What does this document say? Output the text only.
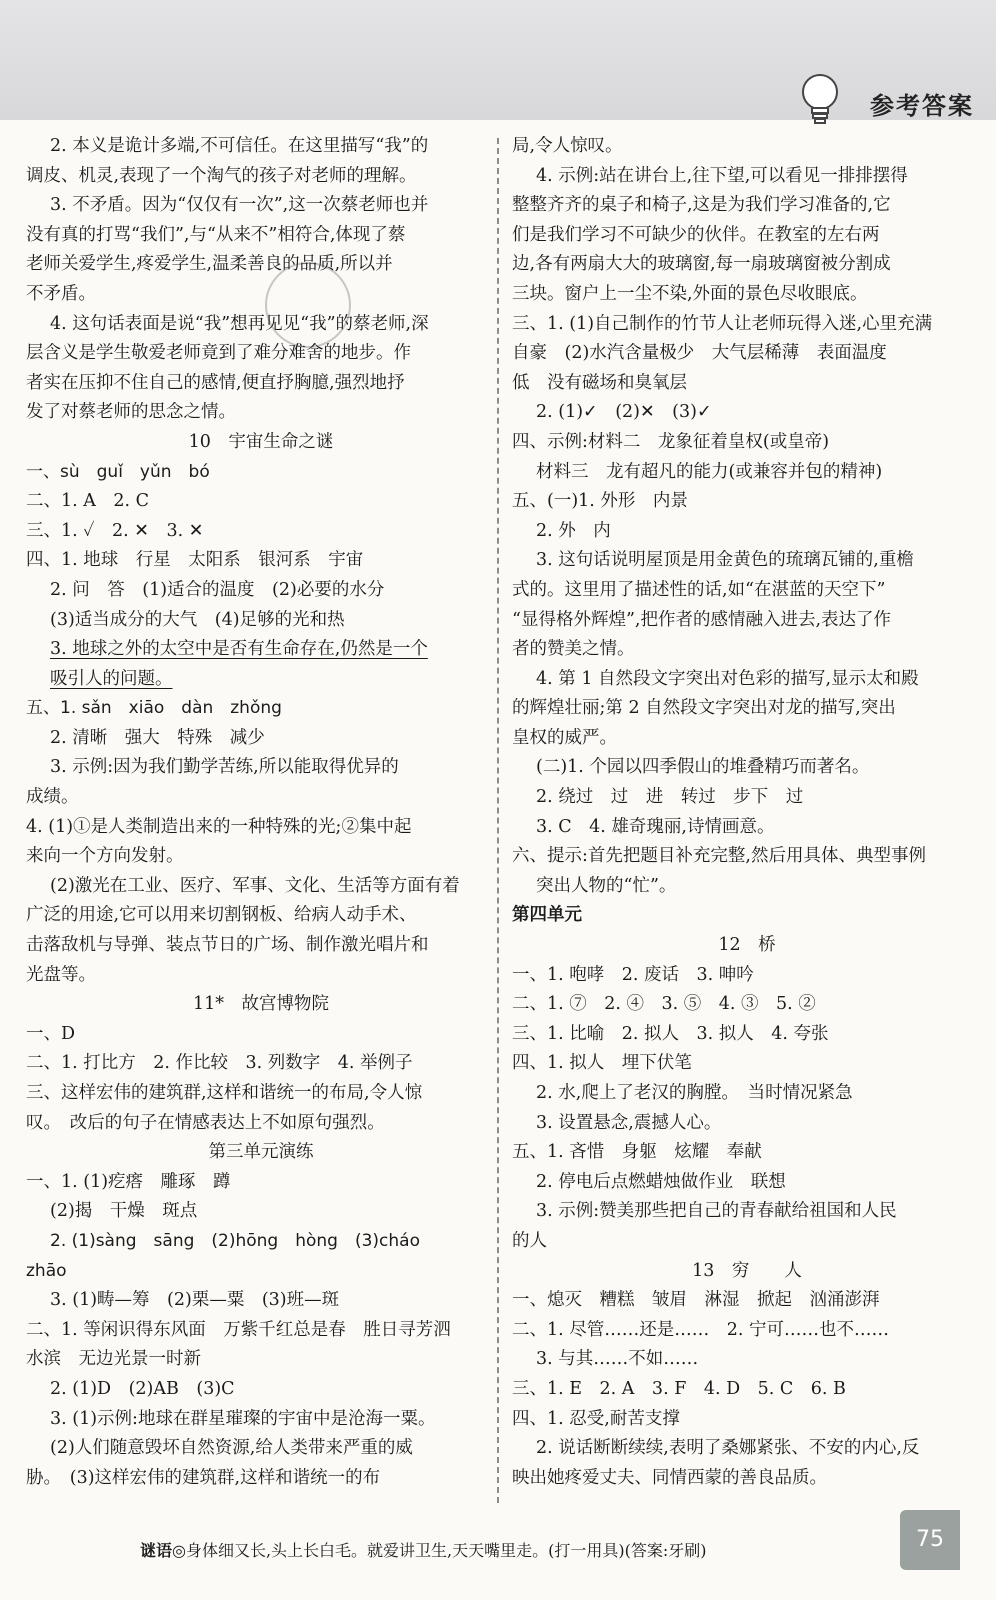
参考答案
2. 本义是诡计多端,不可信任。在这里描写“我”的
调皮、机灵,表现了一个淘气的孩子对老师的理解。
3. 不矛盾。因为“仅仅有一次”,这一次蔡老师也并
没有真的打骂“我们”,与“从来不”相符合,体现了蔡
老师关爱学生,疼爱学生,温柔善良的品质,所以并
不矛盾。
4. 这句话表面是说“我”想再见见“我”的蔡老师,深
层含义是学生敬爱老师竟到了难分难舍的地步。作
者实在压抑不住自己的感情,便直抒胸臆,强烈地抒
发了对蔡老师的思念之情。
10　宇宙生命之谜
一、sù　guǐ　yǔn　bó
二、1. A　2. C
三、1. ✓　2. ✕　3. ✕
四、1. 地球　行星　太阳系　银河系　宇宙
2. 问　答　(1)适合的温度　(2)必要的水分
(3)适当成分的大气　(4)足够的光和热
3. 地球之外的太空中是否有生命存在,仍然是一个
吸引人的问题。
五、1. sǎn　xiāo　dàn　zhǒng
2. 清晰　强大　特殊　减少
3. 示例:因为我们勤学苦练,所以能取得优异的
成绩。
4. (1)①是人类制造出来的一种特殊的光;②集中起
来向一个方向发射。
(2)激光在工业、医疗、军事、文化、生活等方面有着
广泛的用途,它可以用来切割钢板、给病人动手术、
击落敌机与导弹、装点节日的广场、制作激光唱片和
光盘等。
11*　故宫博物院
一、D
二、1. 打比方　2. 作比较　3. 列数字　4. 举例子
三、这样宏伟的建筑群,这样和谐统一的布局,令人惊
叹。　改后的句子在情感表达上不如原句强烈。
第三单元演练
一、1. (1)疙瘩　雕琢　蹲
(2)揭　干燥　斑点
2. (1)sàng　sāng　(2)hōng　hòng　(3)cháo
zhāo
3. (1)畴—筹　(2)栗—粟　(3)班—斑
二、1. 等闲识得东风面　万紫千红总是春　胜日寻芳泗
水滨　无边光景一时新
2. (1)D　(2)AB　(3)C
3. (1)示例:地球在群星璀璨的宇宙中是沧海一粟。
(2)人们随意毁坏自然资源,给人类带来严重的威
胁。　(3)这样宏伟的建筑群,这样和谐统一的布
局,令人惊叹。
4. 示例:站在讲台上,往下望,可以看见一排排摆得
整整齐齐的桌子和椅子,这是为我们学习准备的,它
们是我们学习不可缺少的伙伴。在教室的左右两
边,各有两扇大大的玻璃窗,每一扇玻璃窗被分割成
三块。窗户上一尘不染,外面的景色尽收眼底。
三、1. (1)自己制作的竹节人让老师玩得入迷,心里充满
自豪　(2)水汽含量极少　大气层稀薄　表面温度
低　没有磁场和臭氧层
2. (1)✓　(2)✕　(3)✓
四、示例:材料二　龙象征着皇权(或皇帝)
材料三　龙有超凡的能力(或兼容并包的精神)
五、(一)1. 外形　内景
2. 外　内
3. 这句话说明屋顶是用金黄色的琉璃瓦铺的,重檐
式的。这里用了描述性的话,如“在湛蓝的天空下”
“显得格外辉煌”,把作者的感情融入进去,表达了作
者的赞美之情。
4. 第 1 自然段文字突出对色彩的描写,显示太和殿
的辉煌壮丽;第 2 自然段文字突出对龙的描写,突出
皇权的威严。
(二)1. 个园以四季假山的堆叠精巧而著名。
2. 绕过　过　进　转过　步下　过
3. C　4. 雄奇瑰丽,诗情画意。
六、提示:首先把题目补充完整,然后用具体、典型事例
突出人物的“忙”。
第四单元
12　桥
一、1. 咆哮　2. 废话　3. 呻吟
二、1. ⑦　2. ④　3. ⑤　4. ③　5. ②
三、1. 比喻　2. 拟人　3. 拟人　4. 夸张
四、1. 拟人　埋下伏笔
2. 水,爬上了老汉的胸膛。　当时情况紧急
3. 设置悬念,震撼人心。
五、1. 吝惜　身躯　炫耀　奉献
2. 停电后点燃蜡烛做作业　联想
3. 示例:赞美那些把自己的青春献给祖国和人民
的人
13　穷　　人
一、熄灭　糟糕　皱眉　淋湿　掀起　汹涌澎湃
二、1. 尽管……还是……　2. 宁可……也不……
3. 与其……不如……
三、1. E　2. A　3. F　4. D　5. C　6. B
四、1. 忍受,耐苦支撑
2. 说话断断续续,表明了桑娜紧张、不安的内心,反
映出她疼爱丈夫、同情西蒙的善良品质。
谜语◎身体细又长,头上长白毛。就爱讲卫生,天天嘴里走。(打一用具)(答案:牙刷)	75
